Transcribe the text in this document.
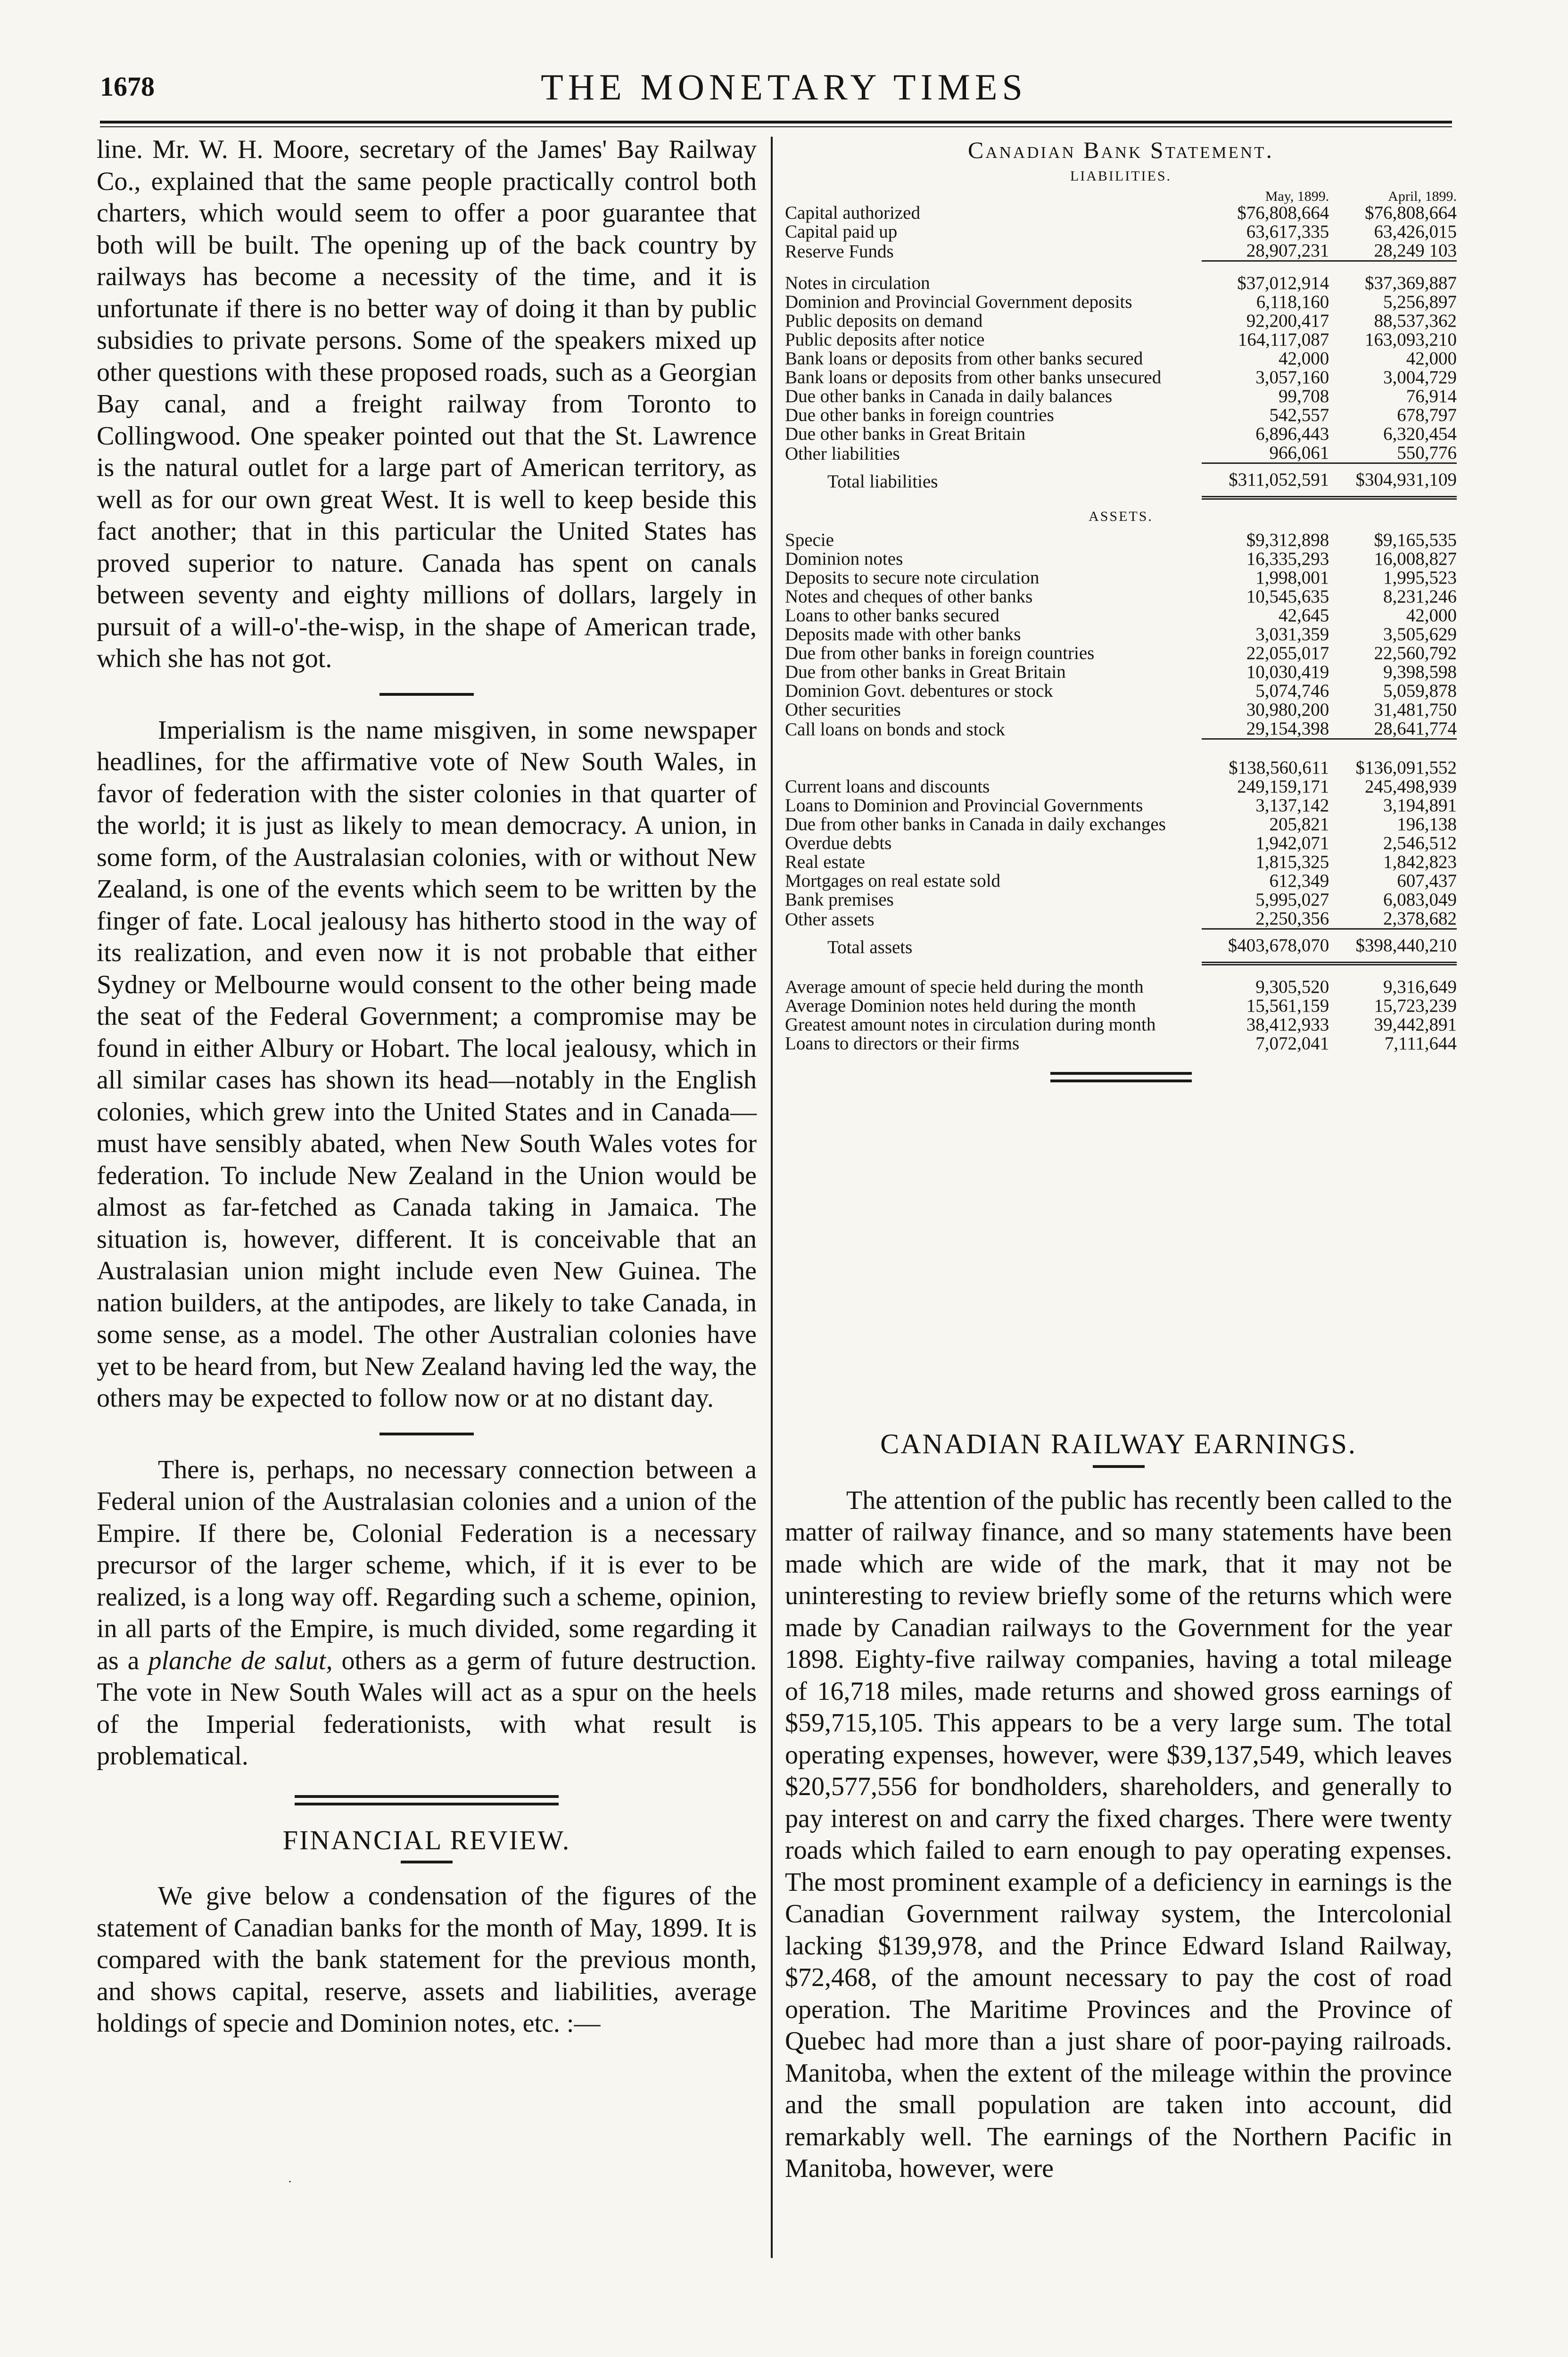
1678	THE MONETARY TIMES

line. Mr. W. H. Moore, secretary of the James' Bay Railway Co., explained that the same people practically control both charters, which would seem to offer a poor guarantee that both will be built. The opening up of the back country by railways has become a necessity of the time, and it is unfortunate if there is no better way of doing it than by public subsidies to private persons. Some of the speakers mixed up other questions with these proposed roads, such as a Georgian Bay canal, and a freight railway from Toronto to Collingwood. One speaker pointed out that the St. Lawrence is the natural outlet for a large part of American territory, as well as for our own great West. It is well to keep beside this fact another; that in this particular the United States has proved superior to nature. Canada has spent on canals between seventy and eighty millions of dollars, largely in pursuit of a will-o'-the-wisp, in the shape of American trade, which she has not got.

Imperialism is the name misgiven, in some newspaper headlines, for the affirmative vote of New South Wales, in favor of federation with the sister colonies in that quarter of the world; it is just as likely to mean democracy. A union, in some form, of the Australasian colonies, with or without New Zealand, is one of the events which seem to be written by the finger of fate. Local jealousy has hitherto stood in the way of its realization, and even now it is not probable that either Sydney or Melbourne would consent to the other being made the seat of the Federal Government; a compromise may be found in either Albury or Hobart. The local jealousy, which in all similar cases has shown its head—notably in the English colonies, which grew into the United States and in Canada—must have sensibly abated, when New South Wales votes for federation. To include New Zealand in the Union would be almost as far-fetched as Canada taking in Jamaica. The situation is, however, different. It is conceivable that an Australasian union might include even New Guinea. The nation builders, at the antipodes, are likely to take Canada, in some sense, as a model. The other Australian colonies have yet to be heard from, but New Zealand having led the way, the others may be expected to follow now or at no distant day.

There is, perhaps, no necessary connection between a Federal union of the Australasian colonies and a union of the Empire. If there be, Colonial Federation is a necessary precursor of the larger scheme, which, if it is ever to be realized, is a long way off. Regarding such a scheme, opinion, in all parts of the Empire, is much divided, some regarding it as a planche de salut, others as a germ of future destruction. The vote in New South Wales will act as a spur on the heels of the Imperial federationists, with what result is problematical.

FINANCIAL REVIEW.

We give below a condensation of the figures of the statement of Canadian banks for the month of May, 1899. It is compared with the bank statement for the previous month, and shows capital, reserve, assets and liabilities, average holdings of specie and Dominion notes, etc. :—

Canadian Bank Statement.
LIABILITIES.
	May, 1899.	April, 1899.
Capital authorized	$76,808,664	$76,808,664
Capital paid up	63,617,335	63,426,015
Reserve Funds	28,907,231	28,249 103

Notes in circulation	$37,012,914	$37,369,887
Dominion and Provincial Government deposits	6,118,160	5,256,897
Public deposits on demand	92,200,417	88,537,362
Public deposits after notice	164,117,087	163,093,210
Bank loans or deposits from other banks secured	42,000	42,000
Bank loans or deposits from other banks unsecured	3,057,160	3,004,729
Due other banks in Canada in daily balances	99,708	76,914
Due other banks in foreign countries	542,557	678,797
Due other banks in Great Britain	6,896,443	6,320,454
Other liabilities	966,061	550,776
Total liabilities	$311,052,591	$304,931,109
ASSETS.		
Specie	$9,312,898	$9,165,535
Dominion notes	16,335,293	16,008,827
Deposits to secure note circulation	1,998,001	1,995,523
Notes and cheques of other banks	10,545,635	8,231,246
Loans to other banks secured	42,645	42,000
Deposits made with other banks	3,031,359	3,505,629
Due from other banks in foreign countries	22,055,017	22,560,792
Due from other banks in Great Britain	10,030,419	9,398,598
Dominion Govt. debentures or stock	5,074,746	5,059,878
Other securities	30,980,200	31,481,750
Call loans on bonds and stock	29,154,398	28,641,774

	$138,560,611	$136,091,552
Current loans and discounts	249,159,171	245,498,939
Loans to Dominion and Provincial Governments	3,137,142	3,194,891
Due from other banks in Canada in daily exchanges	205,821	196,138
Overdue debts	1,942,071	2,546,512
Real estate	1,815,325	1,842,823
Mortgages on real estate sold	612,349	607,437
Bank premises	5,995,027	6,083,049
Other assets	2,250,356	2,378,682
Total assets	$403,678,070	$398,440,210

Average amount of specie held during the month	9,305,520	9,316,649
Average Dominion notes held during the month	15,561,159	15,723,239
Greatest amount notes in circulation during month	38,412,933	39,442,891
Loans to directors or their firms	7,072,041	7,111,644
CANADIAN RAILWAY EARNINGS.

The attention of the public has recently been called to the matter of railway finance, and so many statements have been made which are wide of the mark, that it may not be uninteresting to review briefly some of the returns which were made by Canadian railways to the Government for the year 1898. Eighty-five railway companies, having a total mileage of 16,718 miles, made returns and showed gross earnings of $59,715,105. This appears to be a very large sum. The total operating expenses, however, were $39,137,549, which leaves $20,577,556 for bondholders, shareholders, and generally to pay interest on and carry the fixed charges. There were twenty roads which failed to earn enough to pay operating expenses. The most prominent example of a deficiency in earnings is the Canadian Government railway system, the Intercolonial lacking $139,978, and the Prince Edward Island Railway, $72,468, of the amount necessary to pay the cost of road operation. The Maritime Provinces and the Province of Quebec had more than a just share of poor-paying railroads. Manitoba, when the extent of the mileage within the province and the small population are taken into account, did remarkably well. The earnings of the Northern Pacific in Manitoba, however, were

˙
